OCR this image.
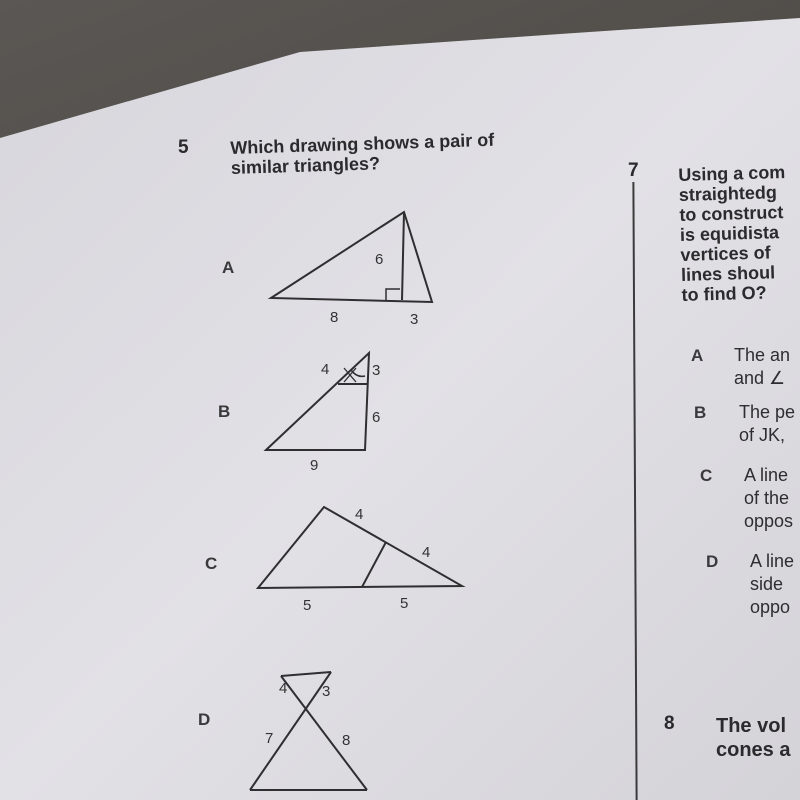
5 Which drawing shows a pair of
similar triangles?
A
B
C
D
6
8	3
4	3
6
9
4
4
5	5
4 3
7	8
7 Using a com
straightedg
to construct
is equidista
vertices of
lines shoul
to find O?
A The an
and ∠
B The pe
of JK,
C A line
of the
oppos
D A line
side
oppo
8 The vol
cones a
